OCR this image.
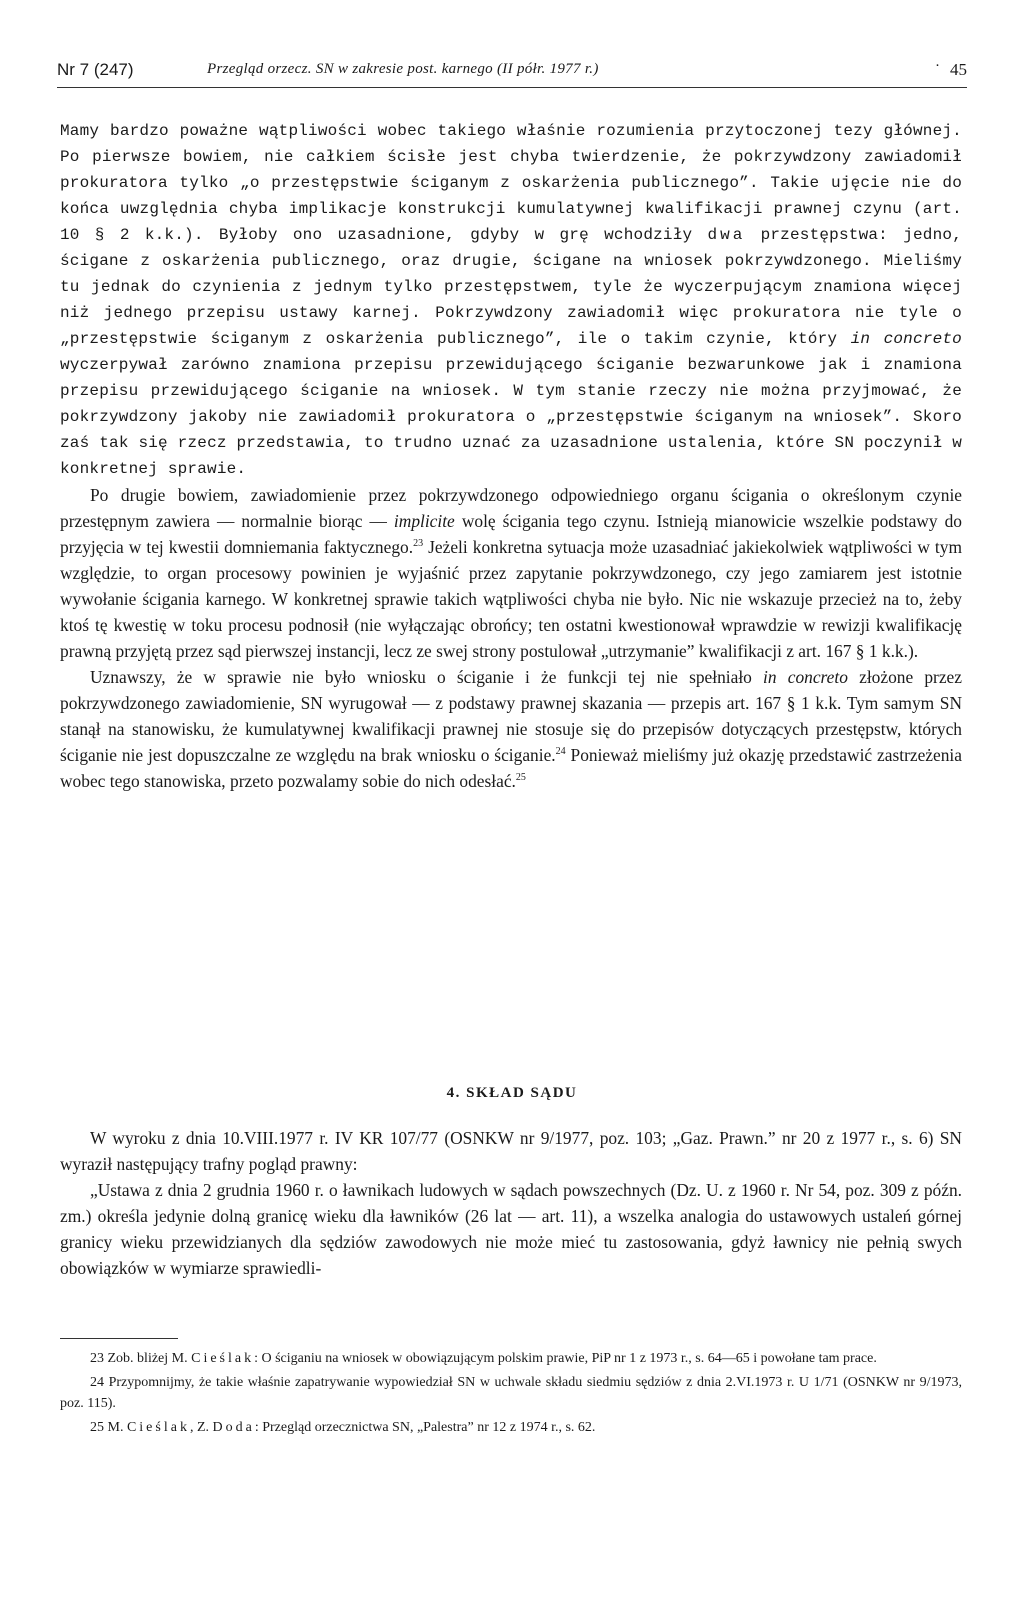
Nr 7 (247)	Przegląd orzecz. SN w zakresie post. karnego (II półr. 1977 r.)	· 45

Mamy bardzo poważne wątpliwości wobec takiego właśnie rozumienia przytoczonej tezy głównej. Po pierwsze bowiem, nie całkiem ścisłe jest chyba twierdzenie, że pokrzywdzony zawiadomił prokuratora tylko „o przestępstwie ściganym z oskarżenia publicznego”. Takie ujęcie nie do końca uwzględnia chyba implikacje konstrukcji kumulatywnej kwalifikacji prawnej czynu (art. 10 § 2 k.k.). Byłoby ono uzasadnione, gdyby w grę wchodziły dwa przestępstwa: jedno, ścigane z oskarżenia publicznego, oraz drugie, ścigane na wniosek pokrzywdzonego. Mieliśmy tu jednak do czynienia z jednym tylko przestępstwem, tyle że wyczerpującym znamiona więcej niż jednego przepisu ustawy karnej. Pokrzywdzony zawiadomił więc prokuratora nie tyle o „przestępstwie ściganym z oskarżenia publicznego”, ile o takim czynie, który in concreto wyczerpywał zarówno znamiona przepisu przewidującego ściganie bezwarunkowe jak i znamiona przepisu przewidującego ściganie na wniosek. W tym stanie rzeczy nie można przyjmować, że pokrzywdzony jakoby nie zawiadomił prokuratora o „przestępstwie ściganym na wniosek”. Skoro zaś tak się rzecz przedstawia, to trudno uznać za uzasadnione ustalenia, które SN poczynił w konkretnej sprawie.

Po drugie bowiem, zawiadomienie przez pokrzywdzonego odpowiedniego organu ścigania o określonym czynie przestępnym zawiera — normalnie biorąc — implicite wolę ścigania tego czynu. Istnieją mianowicie wszelkie podstawy do przyjęcia w tej kwestii domniemania faktycznego.$^{23}$ Jeżeli konkretna sytuacja może uzasadniać jakiekolwiek wątpliwości w tym względzie, to organ procesowy powinien je wyjaśnić przez zapytanie pokrzywdzonego, czy jego zamiarem jest istotnie wywołanie ścigania karnego. W konkretnej sprawie takich wątpliwości chyba nie było. Nic nie wskazuje przecież na to, żeby ktoś tę kwestię w toku procesu podnosił (nie wyłączając obrońcy; ten ostatni kwestionował wprawdzie w rewizji kwalifikację prawną przyjętą przez sąd pierwszej instancji, lecz ze swej strony postulował „utrzymanie” kwalifikacji z art. 167 § 1 k.k.).

Uznawszy, że w sprawie nie było wniosku o ściganie i że funkcji tej nie spełniało in concreto złożone przez pokrzywdzonego zawiadomienie, SN wyrugował — z podstawy prawnej skazania — przepis art. 167 § 1 k.k. Tym samym SN stanął na stanowisku, że kumulatywnej kwalifikacji prawnej nie stosuje się do przepisów dotyczących przestępstw, których ściganie nie jest dopuszczalne ze względu na brak wniosku o ściganie.$^{24}$ Ponieważ mieliśmy już okazję przedstawić zastrzeżenia wobec tego stanowiska, przeto pozwalamy sobie do nich odesłać.$^{25}$

4. SKŁAD SĄDU

W wyroku z dnia 10.VIII.1977 r. IV KR 107/77 (OSNKW nr 9/1977, poz. 103; „Gaz. Prawn.” nr 20 z 1977 r., s. 6) SN wyraził następujący trafny pogląd prawny:

„Ustawa z dnia 2 grudnia 1960 r. o ławnikach ludowych w sądach powszechnych (Dz. U. z 1960 r. Nr 54, poz. 309 z późn. zm.) określa jedynie dolną granicę wieku dla ławników (26 lat — art. 11), a wszelka analogia do ustawowych ustaleń górnej granicy wieku przewidzianych dla sędziów zawodowych nie może mieć tu zastosowania, gdyż ławnicy nie pełnią swych obowiązków w wymiarze sprawiedli-

23 Zob. bliżej M. Cieślak: O ściganiu na wniosek w obowiązującym polskim prawie, PiP nr 1 z 1973 r., s. 64—65 i powołane tam prace.

24 Przypomnijmy, że takie właśnie zapatrywanie wypowiedział SN w uchwale składu siedmiu sędziów z dnia 2.VI.1973 r. U 1/71 (OSNKW nr 9/1973, poz. 115).

25 M. Cieślak, Z. Doda: Przegląd orzecznictwa SN, „Palestra” nr 12 z 1974 r., s. 62.
